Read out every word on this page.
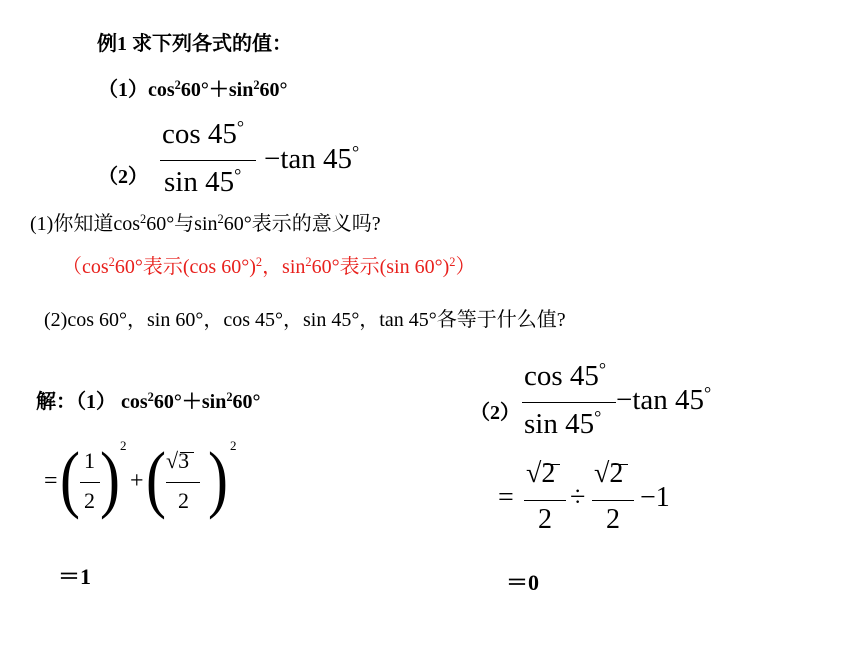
例1 求下列各式的值：
$(1)\cos^260^\circ+\sin^260^\circ$
（2）
cos 45°
sin 45°
−tan 45°
(1)你知道$\cos^260^\circ$与$\sin^260^\circ$表示的意义吗?
（$\cos^260^\circ$表示(cos 60°)$^2$，$\sin^260^\circ$表示(sin 60°)$^2$）
(2)cos 60°，sin 60°，cos 45°，sin 45°，tan 45°各等于什么值?
解：（1） $\cos^260^\circ+\sin^260^\circ$
= ( 1
2 ) 2
+ ( √3
2 ) 2
＝1
（2）
cos 45°
sin 45°
−tan 45°
=
√2
2
÷
√2
2
−1
＝0
